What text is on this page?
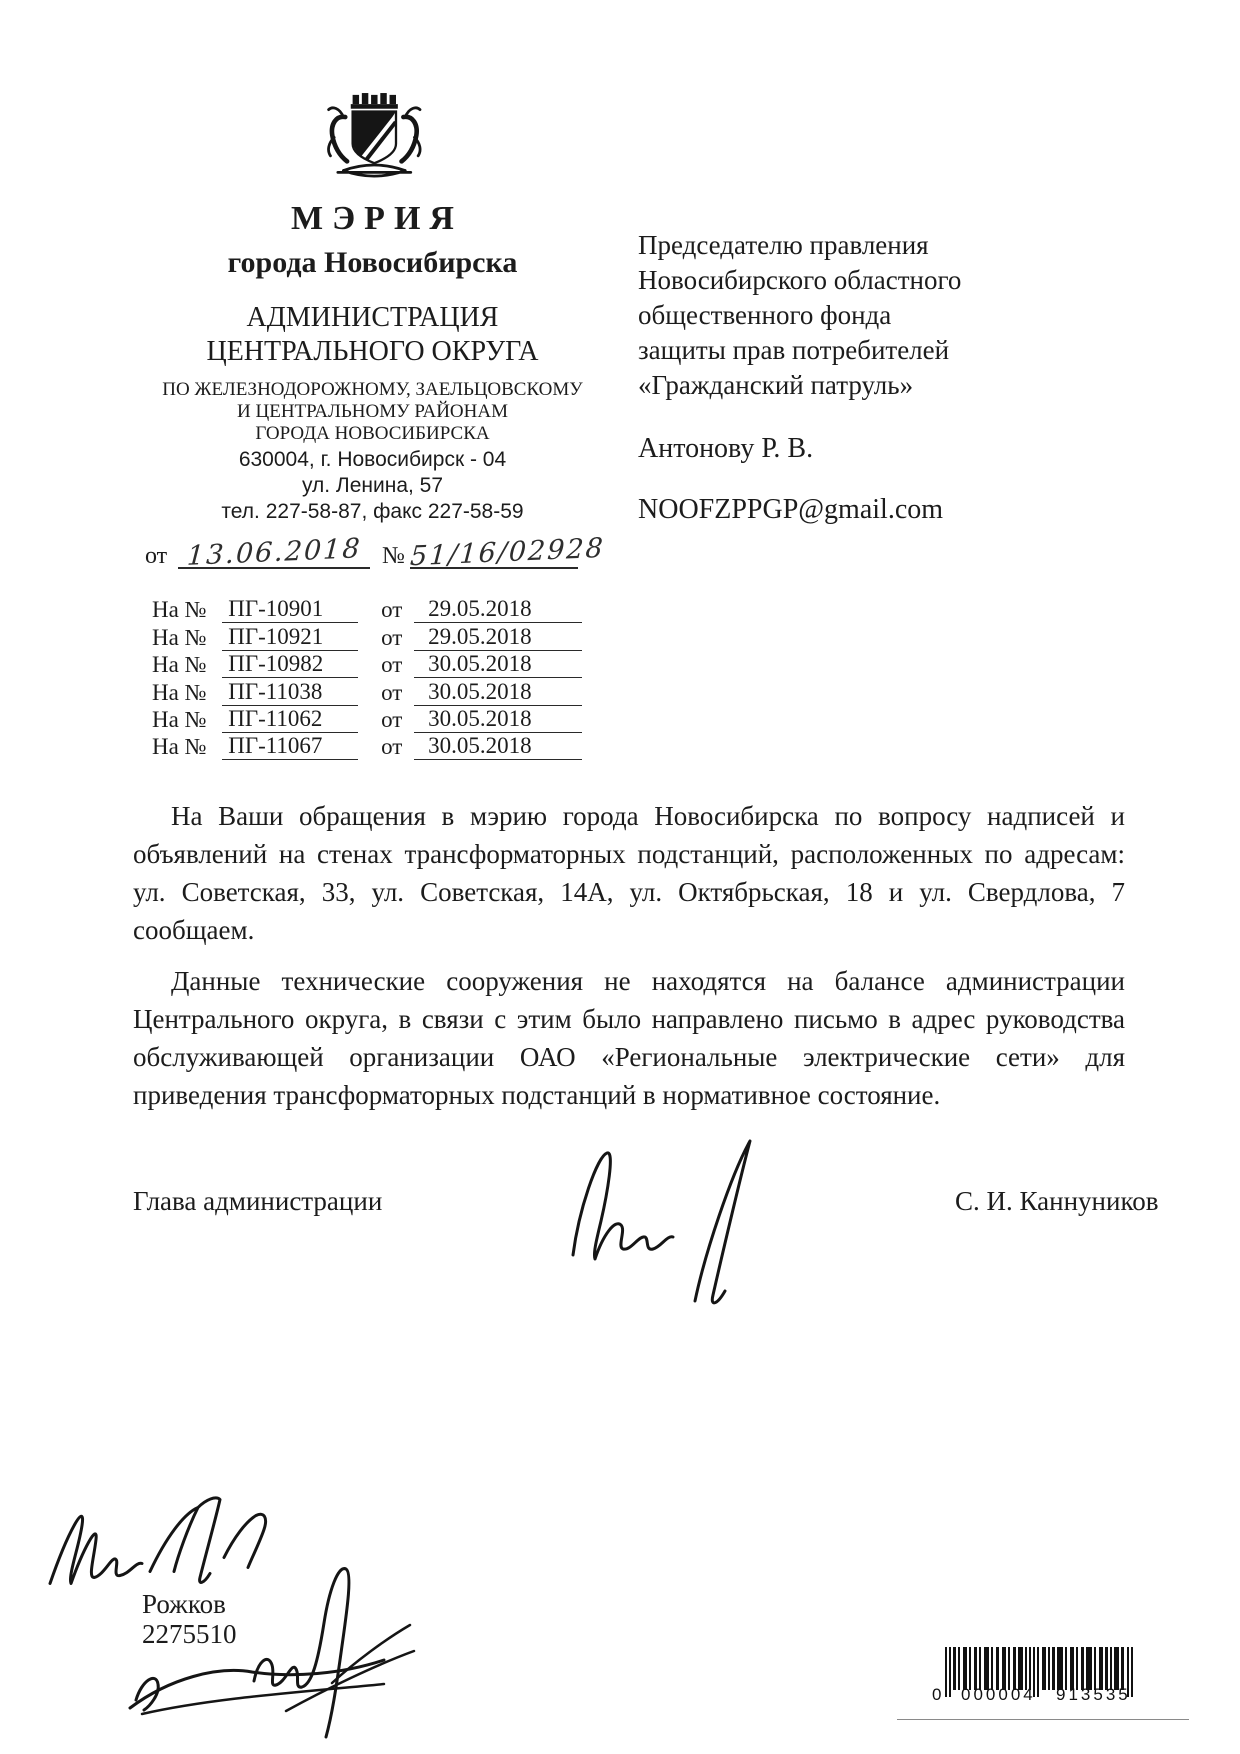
МЭРИЯ
города Новосибирска
АДМИНИСТРАЦИЯ
ЦЕНТРАЛЬНОГО ОКРУГА
ПО ЖЕЛЕЗНОДОРОЖНОМУ, ЗАЕЛЬЦОВСКОМУ
И ЦЕНТРАЛЬНОМУ РАЙОНАМ
ГОРОДА НОВОСИБИРСКА
630004, г. Новосибирск - 04
ул. Ленина, 57
тел. 227-58-87, факс 227-58-59
Председателю правления
Новосибирского областного
общественного фонда
защиты прав потребителей
«Гражданский патруль»
Антонову Р. В.
NOOFZPPGP@gmail.com
от 13.06.2018 № 51/16/02928
На № ПГ-10901	от	29.05.2018
На № ПГ-10921	от	29.05.2018
На № ПГ-10982	от	30.05.2018
На № ПГ-11038	от	30.05.2018
На № ПГ-11062	от	30.05.2018
На № ПГ-11067	от	30.05.2018

На Ваши обращения в мэрию города Новосибирска по вопросу надписей и объявлений на стенах трансформаторных подстанций, расположенных по адресам: ул. Советская, 33, ул. Советская, 14А, ул. Октябрьская, 18 и ул. Свердлова, 7 сообщаем.

Данные технические сооружения не находятся на балансе администрации Центрального округа, в связи с этим было направлено письмо в адрес руководства обслуживающей организации ОАО «Региональные электрические сети» для приведения трансформаторных подстанций в нормативное состояние.

Глава администрации	С. И. Каннуников
Рожков
2275510
0 000004 913535
